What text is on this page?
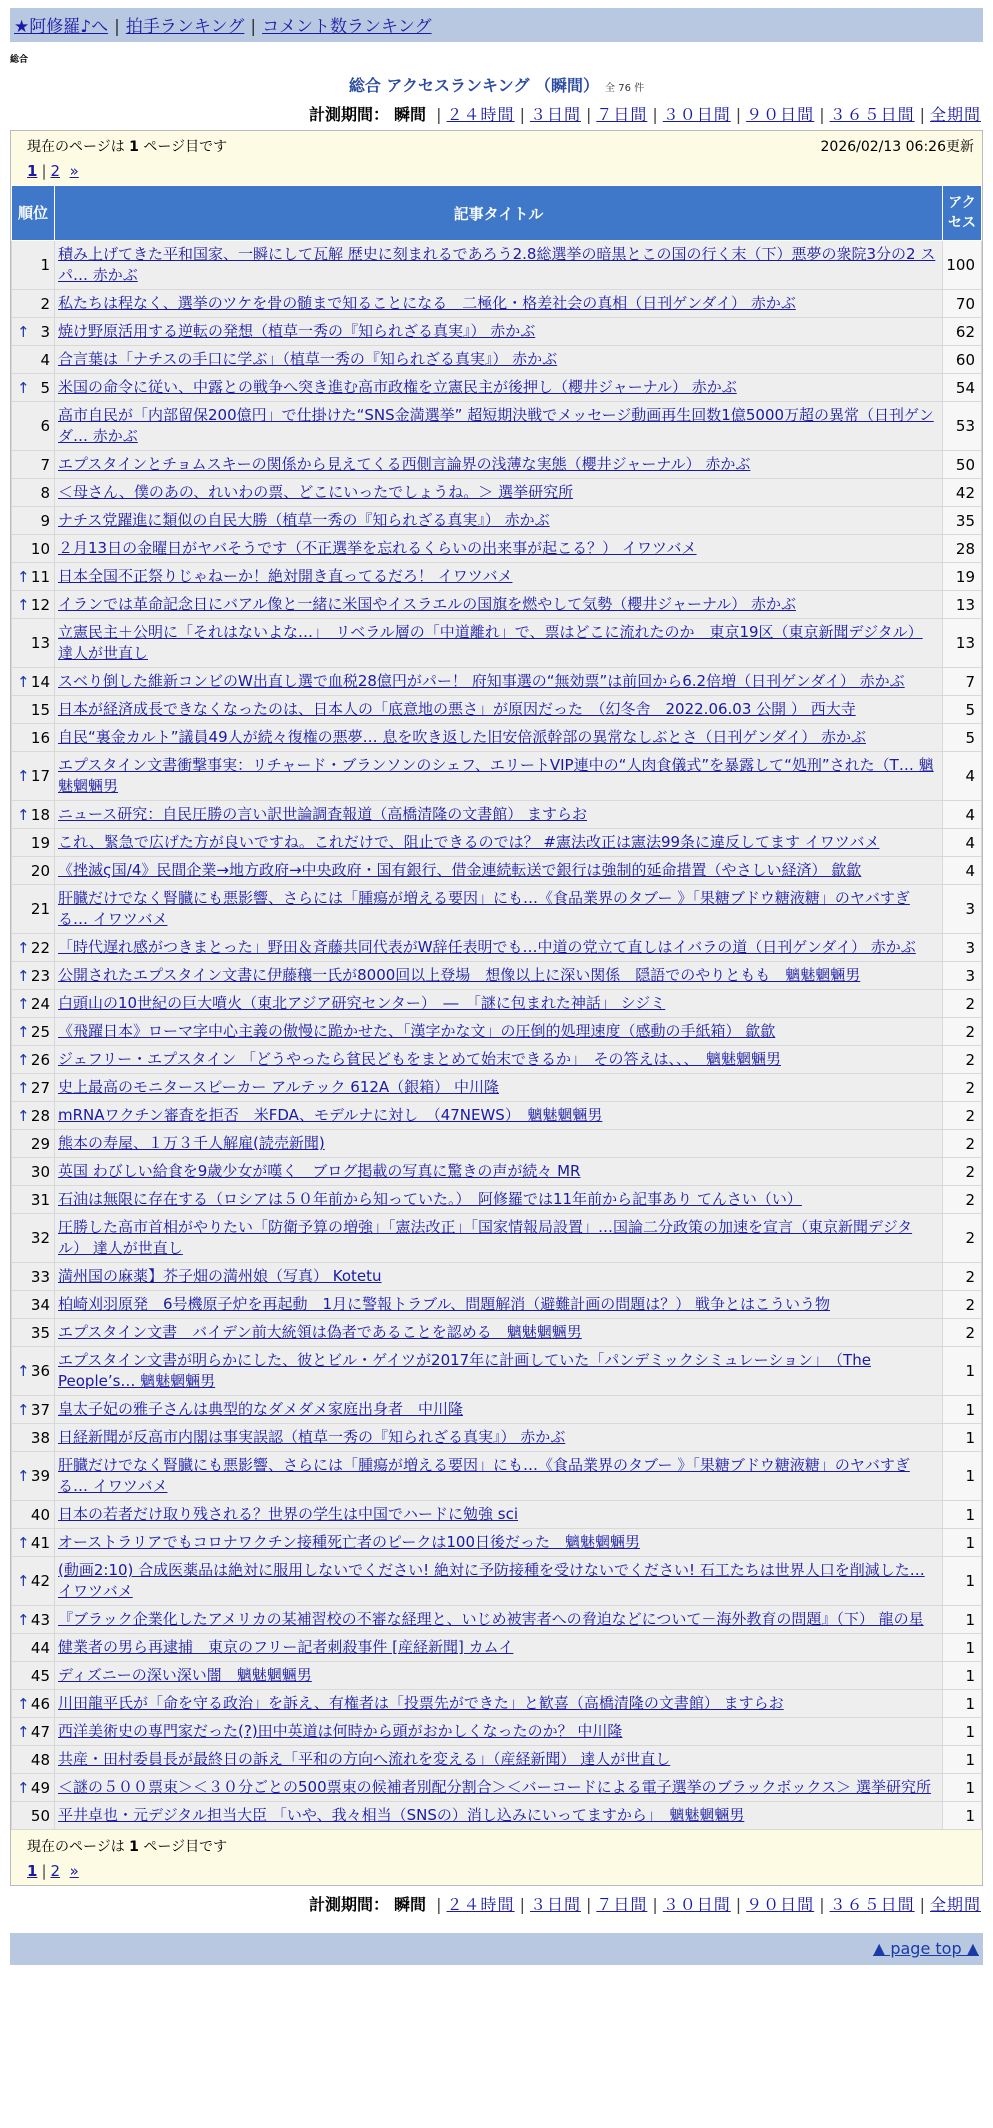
★阿修羅♪へ | 拍手ランキング | コメント数ランキング
総合
総合 アクセスランキング （瞬間） 全 76 件
計測期間： 瞬間 | ２４時間 | ３日間 | ７日間 | ３０日間 | ９０日間 | ３６５日間 | 全期間
現在のページは 1 ページ目です	2026/02/13 06:26更新
1 | 2 »
順位	記事タイトル	アクセス
1	積み上げてきた平和国家、一瞬にして瓦解 歴史に刻まれるであろう2.8総選挙の暗黒とこの国の行く末（下）悪夢の衆院3分の2 スパ… 赤かぶ	100
2	私たちは程なく、選挙のツケを骨の髄まで知ることになる　二極化・格差社会の真相（日刊ゲンダイ） 赤かぶ	70

↑ 3	焼け野原活用する逆転の発想（植草一秀の『知られざる真実』） 赤かぶ	62
4	合言葉は「ナチスの手口に学ぶ」（植草一秀の『知られざる真実』） 赤かぶ	60

↑ 5	米国の命令に従い、中露との戦争へ突き進む高市政権を立憲民主が後押し（櫻井ジャーナル） 赤かぶ	54
6	高市自民が「内部留保200億円」で仕掛けた“SNS金満選挙” 超短期決戦でメッセージ動画再生回数1億5000万超の異常（日刊ゲンダ… 赤かぶ	53
7	エプスタインとチョムスキーの関係から見えてくる西側言論界の浅薄な実態（櫻井ジャーナル） 赤かぶ	50
8	＜母さん、僕のあの、れいわの票、どこにいったでしょうね。＞ 選挙研究所	42
9	ナチス党躍進に類似の自民大勝（植草一秀の『知られざる真実』） 赤かぶ	35
10	２月13日の金曜日がヤバそうです（不正選挙を忘れるくらいの出来事が起こる？） イワツバメ	28

↑ 11	日本全国不正祭りじゃねーか！絶対開き直ってるだろ！ イワツバメ	19

↑ 12	イランでは革命記念日にバアル像と一緒に米国やイスラエルの国旗を燃やして気勢（櫻井ジャーナル） 赤かぶ	13
13	立憲民主＋公明に「それはないよな…」　リベラル層の「中道離れ」で、票はどこに流れたのか　東京19区（東京新聞デジタル） 達人が世直し	13

↑ 14	スベり倒した維新コンビのW出直し選で血税28億円がパー！ 府知事選の“無効票”は前回から6.2倍増（日刊ゲンダイ） 赤かぶ	7
15	日本が経済成長できなくなったのは、日本人の「底意地の悪さ」が原因だった　（幻冬舎　2022.06.03 公開 ） 西大寺	5
16	自民“裏金カルト”議員49人が続々復権の悪夢… 息を吹き返した旧安倍派幹部の異常なしぶとさ（日刊ゲンダイ） 赤かぶ	5

↑ 17	エプスタイン文書衝撃事実：リチャード・ブランソンのシェフ、エリートVIP連中の“人肉食儀式”を暴露して“処刑”された（T… 魑魅魍魎男	4

↑ 18	ニュース研究：自民圧勝の言い訳世論調査報道（高橋清隆の文書館） ますらお	4
19	これ、緊急で広げた方が良いですね。これだけで、阻止できるのでは？ #憲法改正は憲法99条に違反してます イワツバメ	4
20	《挫滅ς国/4》民間企業→地方政府→中央政府・国有銀行、借金連続転送で銀行は強制的延命措置（やさしい経済） 歙歙	4
21	肝臓だけでなく腎臓にも悪影響、さらには「腫瘍が増える要因」にも…《食品業界のタブー 》「果糖ブドウ糖液糖」のヤバすぎる… イワツバメ	3

↑ 22	「時代遅れ感がつきまとった」野田＆斉藤共同代表がW辞任表明でも…中道の党立て直しはイバラの道（日刊ゲンダイ） 赤かぶ	3

↑ 23	公開されたエプスタイン文書に伊藤穰一氏が8000回以上登場　想像以上に深い関係　隠語でのやりともも　魑魅魍魎男	3

↑ 24	白頭山の10世紀の巨大噴火（東北アジア研究センター）　―　「謎に包まれた神話」 シジミ	2

↑ 25	《飛躍日本》ローマ字中心主義の傲慢に跪かせた、「漢字かな文」の圧倒的処理速度（感動の手紙箱） 歙歙	2

↑ 26	ジェフリー・エプスタイン 「どうやったら貧民どもをまとめて始末できるか」　その答えは、、、　魑魅魍魎男	2

↑ 27	史上最高のモニタースピーカー アルテック 612A（銀箱） 中川隆	2

↑ 28	mRNAワクチン審査を拒否　米FDA、モデルナに対し　（47NEWS）　魑魅魍魎男	2
29	熊本の寿屋、１万３千人解雇(読売新聞)	2
30	英国 わびしい給食を9歳少女が嘆く　ブログ掲載の写真に驚きの声が続々 MR	2
31	石油は無限に存在する（ロシアは５０年前から知っていた。）　阿修羅では11年前から記事あり てんさい（い）	2
32	圧勝した高市首相がやりたい「防衛予算の増強」「憲法改正」「国家情報局設置」…国論二分政策の加速を宣言（東京新聞デジタル） 達人が世直し	2
33	満州国の麻薬】芥子畑の満州娘（写真） Kotetu	2
34	柏崎刈羽原発　6号機原子炉を再起動　1月に警報トラブル、問題解消（避難計画の問題は？） 戦争とはこういう物	2
35	エプスタイン文書　バイデン前大統領は偽者であることを認める　魑魅魍魎男	2

↑ 36	エプスタイン文書が明らかにした、彼とビル・ゲイツが2017年に計画していた「パンデミックシミュレーション」　（The People’s… 魑魅魍魎男	1

↑ 37	皇太子妃の雅子さんは典型的なダメダメ家庭出身者　中川隆	1
38	日経新聞が反高市内閣は事実誤認（植草一秀の『知られざる真実』） 赤かぶ	1

↑ 39	肝臓だけでなく腎臓にも悪影響、さらには「腫瘍が増える要因」にも…《食品業界のタブー 》「果糖ブドウ糖液糖」のヤバすぎる… イワツバメ	1
40	日本の若者だけ取り残される？世界の学生は中国でハードに勉強 sci	1

↑ 41	オーストラリアでもコロナワクチン接種死亡者のピークは100日後だった　魑魅魍魎男	1

↑ 42	(動画2:10) 合成医薬品は絶対に服用しないでください! 絶対に予防接種を受けないでください! 石工たちは世界人口を削減した… イワツバメ	1

↑ 43	『ブラック企業化したアメリカの某補習校の不審な経理と、いじめ被害者への脅迫などについて－海外教育の問題』（下） 龍の星	1
44	健業者の男ら再逮捕　東京のフリー記者刺殺事件 [産経新聞] カムイ	1
45	ディズニーの深い深い闇　魑魅魍魎男	1

↑ 46	川田龍平氏が「命を守る政治」を訴え、有権者は「投票先ができた」と歓喜（高橋清隆の文書館） ますらお	1

↑ 47	西洋美術史の専門家だった(?)田中英道は何時から頭がおかしくなったのか？ 中川隆	1
48	共産・田村委員長が最終日の訴え「平和の方向へ流れを変える」（産経新聞） 達人が世直し	1

↑ 49	＜謎の５００票束＞＜３０分ごとの500票束の候補者別配分割合＞＜バーコードによる電子選挙のブラックボックス＞ 選挙研究所	1
50	平井卓也・元デジタル担当大臣 「いや、我々相当（SNSの）消し込みにいってますから」　魑魅魍魎男	1
現在のページは 1 ページ目です
1 | 2 »
計測期間： 瞬間 | ２４時間 | ３日間 | ７日間 | ３０日間 | ９０日間 | ３６５日間 | 全期間
▲ page top ▲
